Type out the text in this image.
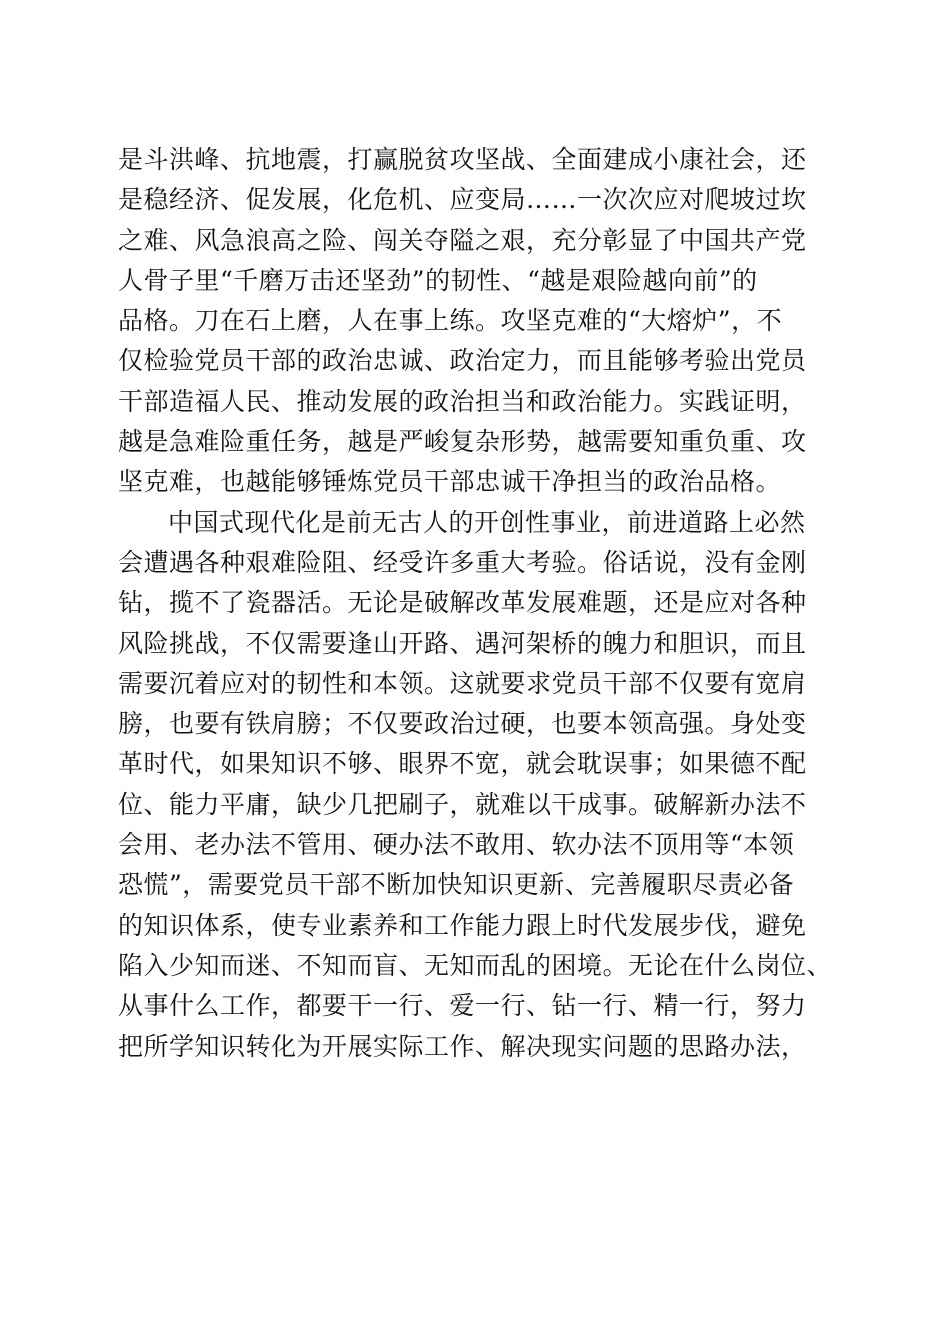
是斗洪峰、抗地震，打赢脱贫攻坚战、全面建成小康社会，还
是稳经济、促发展，化危机、应变局……一次次应对爬坡过坎
之难、风急浪高之险、闯关夺隘之艰，充分彰显了中国共产党
人骨子里“千磨万击还坚劲”的韧性、“越是艰险越向前”的
品格。刀在石上磨，人在事上练。攻坚克难的“大熔炉”，不
仅检验党员干部的政治忠诚、政治定力，而且能够考验出党员
干部造福人民、推动发展的政治担当和政治能力。实践证明，
越是急难险重任务，越是严峻复杂形势，越需要知重负重、攻
坚克难，也越能够锤炼党员干部忠诚干净担当的政治品格。
中国式现代化是前无古人的开创性事业，前进道路上必然
会遭遇各种艰难险阻、经受许多重大考验。俗话说，没有金刚
钻，揽不了瓷器活。无论是破解改革发展难题，还是应对各种
风险挑战，不仅需要逢山开路、遇河架桥的魄力和胆识，而且
需要沉着应对的韧性和本领。这就要求党员干部不仅要有宽肩
膀，也要有铁肩膀；不仅要政治过硬，也要本领高强。身处变
革时代，如果知识不够、眼界不宽，就会耽误事；如果德不配
位、能力平庸，缺少几把刷子，就难以干成事。破解新办法不
会用、老办法不管用、硬办法不敢用、软办法不顶用等“本领
恐慌”，需要党员干部不断加快知识更新、完善履职尽责必备
的知识体系，使专业素养和工作能力跟上时代发展步伐，避免
陷入少知而迷、不知而盲、无知而乱的困境。无论在什么岗位、
从事什么工作，都要干一行、爱一行、钻一行、精一行，努力
把所学知识转化为开展实际工作、解决现实问题的思路办法，
